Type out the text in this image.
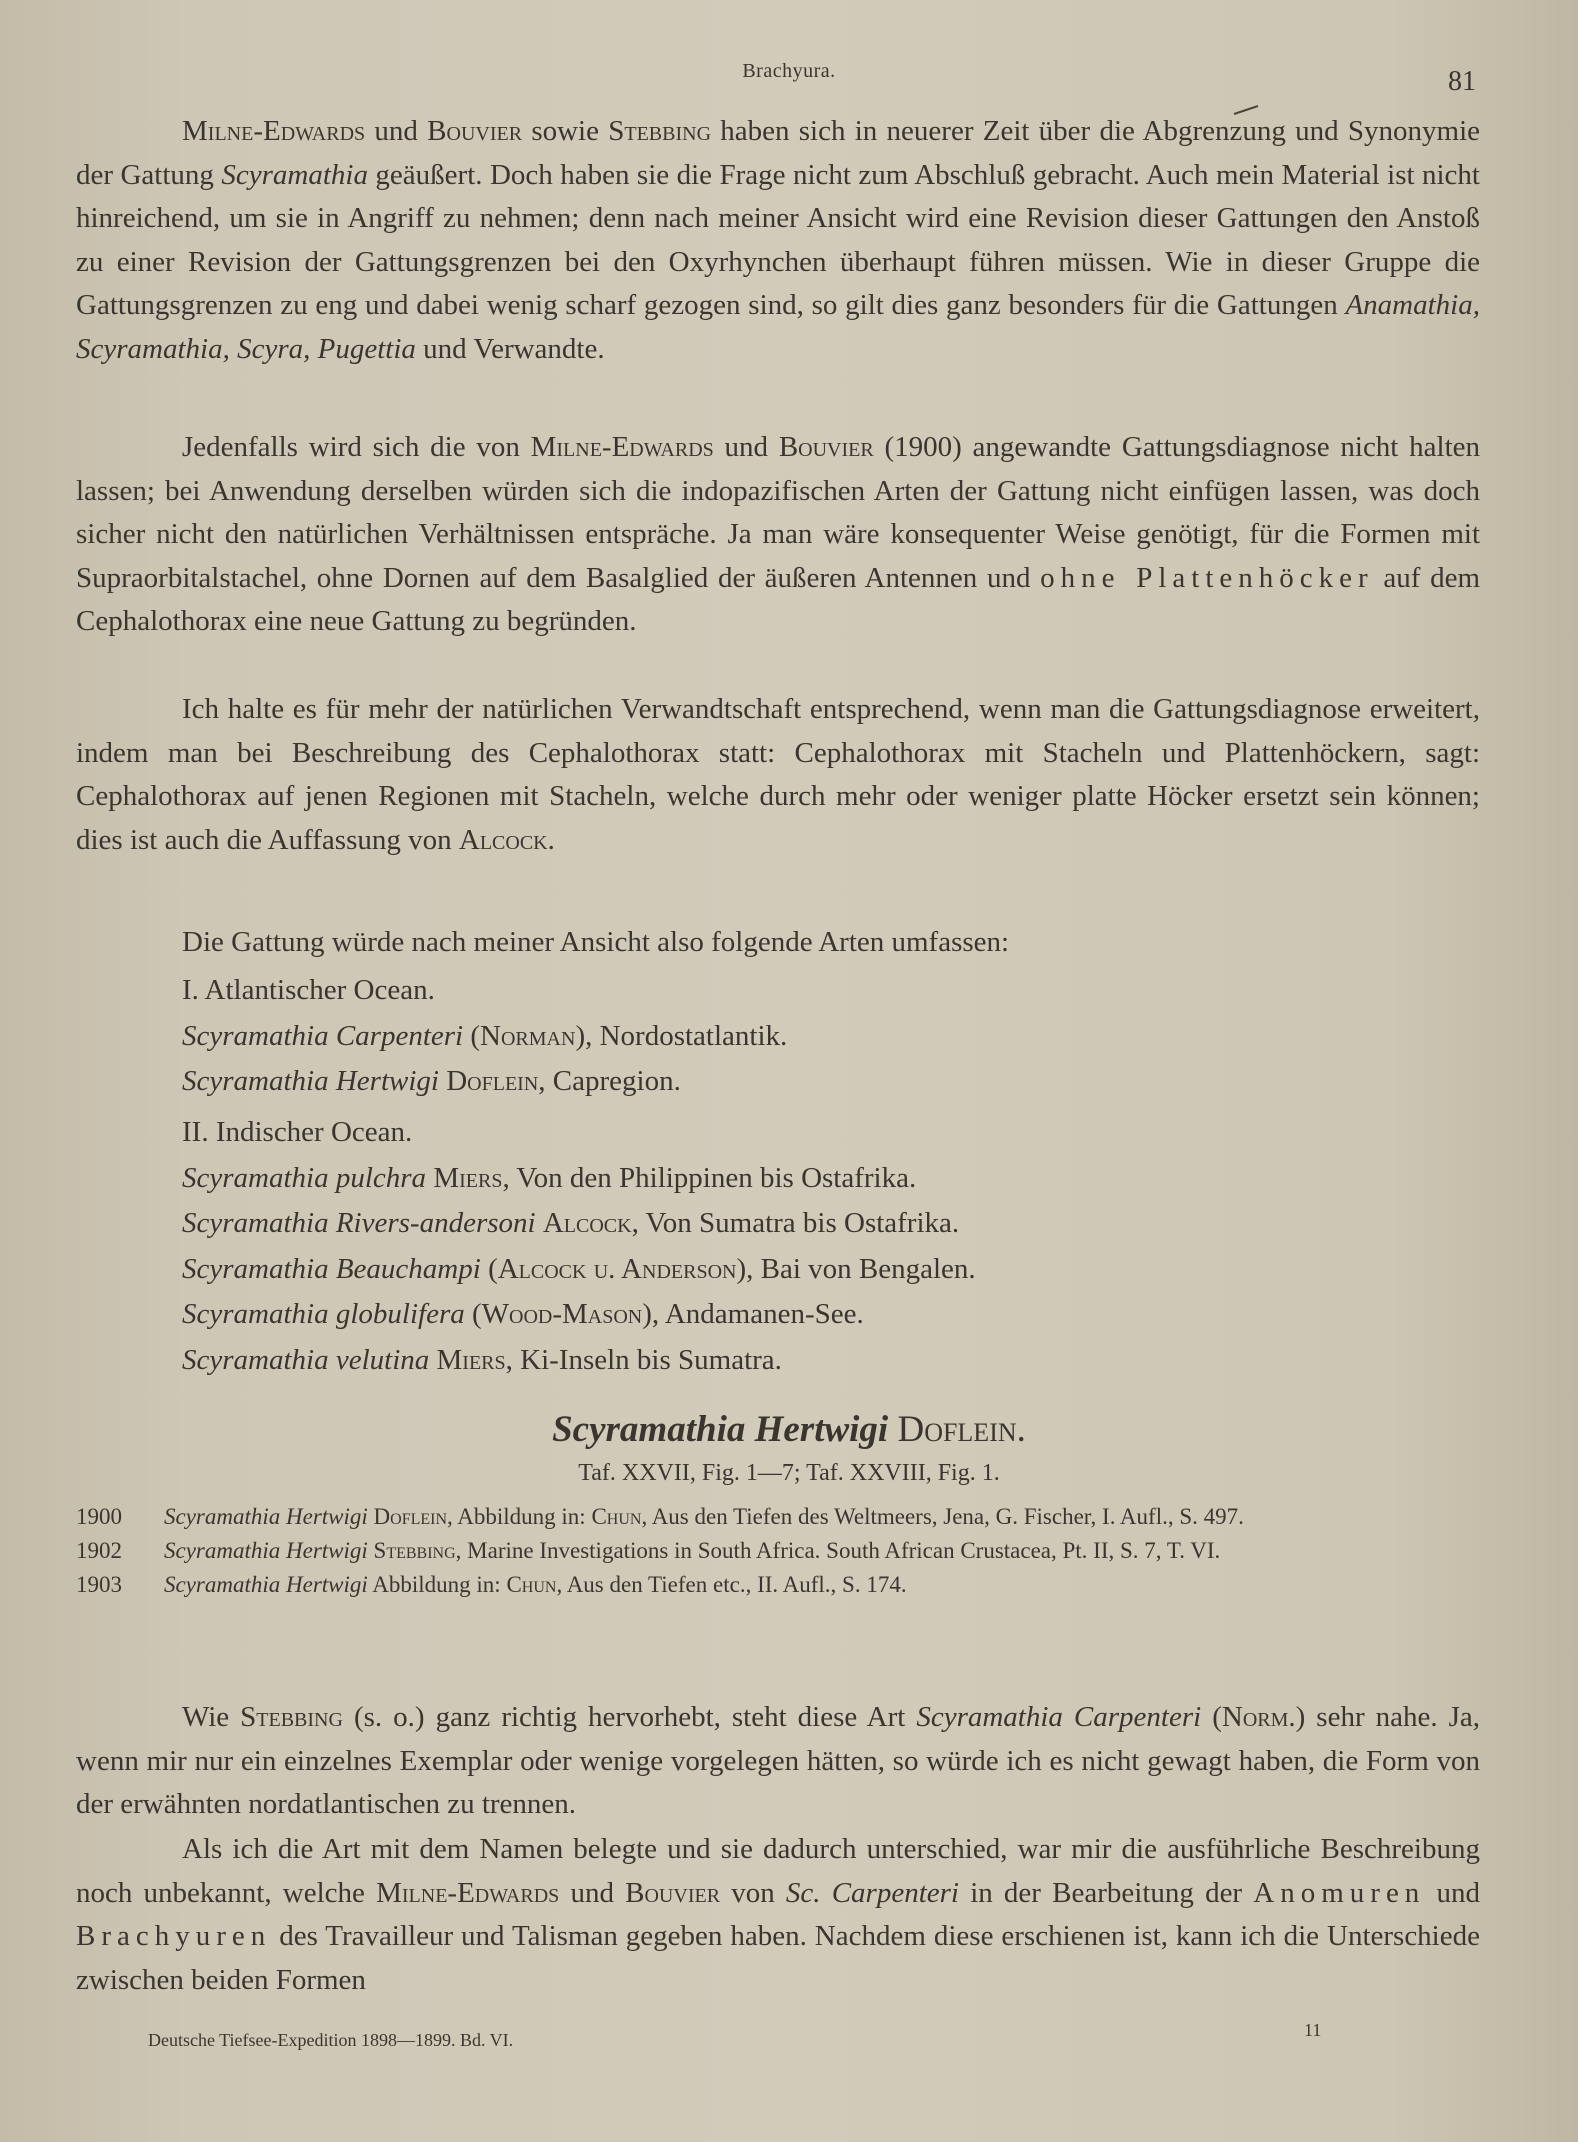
Brachyura.	81

Milne-Edwards und Bouvier sowie Stebbing haben sich in neuerer Zeit über die Abgrenzung und Synonymie der Gattung Scyramathia geäußert. Doch haben sie die Frage nicht zum Abschluß gebracht. Auch mein Material ist nicht hinreichend, um sie in Angriff zu nehmen; denn nach meiner Ansicht wird eine Revision dieser Gattungen den Anstoß zu einer Revision der Gattungsgrenzen bei den Oxyrhynchen überhaupt führen müssen. Wie in dieser Gruppe die Gattungsgrenzen zu eng und dabei wenig scharf gezogen sind, so gilt dies ganz besonders für die Gattungen Anamathia, Scyramathia, Scyra, Pugettia und Verwandte.

Jedenfalls wird sich die von Milne-Edwards und Bouvier (1900) angewandte Gattungsdiagnose nicht halten lassen; bei Anwendung derselben würden sich die indopazifischen Arten der Gattung nicht einfügen lassen, was doch sicher nicht den natürlichen Verhältnissen entspräche. Ja man wäre konsequenter Weise genötigt, für die Formen mit Supraorbitalstachel, ohne Dornen auf dem Basalglied der äußeren Antennen und ohne Plattenhöcker auf dem Cephalothorax eine neue Gattung zu begründen.

Ich halte es für mehr der natürlichen Verwandtschaft entsprechend, wenn man die Gattungsdiagnose erweitert, indem man bei Beschreibung des Cephalothorax statt: Cephalothorax mit Stacheln und Plattenhöckern, sagt: Cephalothorax auf jenen Regionen mit Stacheln, welche durch mehr oder weniger platte Höcker ersetzt sein können; dies ist auch die Auffassung von Alcock.

Die Gattung würde nach meiner Ansicht also folgende Arten umfassen:

I. Atlantischer Ocean.
Scyramathia Carpenteri (Norman), Nordostatlantik.
Scyramathia Hertwigi Doflein, Capregion.
II. Indischer Ocean.
Scyramathia pulchra Miers, Von den Philippinen bis Ostafrika.
Scyramathia Rivers-andersoni Alcock, Von Sumatra bis Ostafrika.
Scyramathia Beauchampi (Alcock u. Anderson), Bai von Bengalen.
Scyramathia globulifera (Wood-Mason), Andamanen-See.
Scyramathia velutina Miers, Ki-Inseln bis Sumatra.
Scyramathia Hertwigi Doflein.
Taf. XXVII, Fig. 1—7; Taf. XXVIII, Fig. 1.
1900 Scyramathia Hertwigi Doflein, Abbildung in: Chun, Aus den Tiefen des Weltmeers, Jena, G. Fischer, I. Aufl., S. 497.
1902 Scyramathia Hertwigi Stebbing, Marine Investigations in South Africa. South African Crustacea, Pt. II, S. 7, T. VI.
1903 Scyramathia Hertwigi Abbildung in: Chun, Aus den Tiefen etc., II. Aufl., S. 174.

Wie Stebbing (s. o.) ganz richtig hervorhebt, steht diese Art Scyramathia Carpenteri (Norm.) sehr nahe. Ja, wenn mir nur ein einzelnes Exemplar oder wenige vorgelegen hätten, so würde ich es nicht gewagt haben, die Form von der erwähnten nordatlantischen zu trennen.

Als ich die Art mit dem Namen belegte und sie dadurch unterschied, war mir die ausführliche Beschreibung noch unbekannt, welche Milne-Edwards und Bouvier von Sc. Carpenteri in der Bearbeitung der Anomuren und Brachyuren des Travailleur und Talisman gegeben haben. Nachdem diese erschienen ist, kann ich die Unterschiede zwischen beiden Formen

Deutsche Tiefsee-Expedition 1898—1899. Bd. VI.	11
